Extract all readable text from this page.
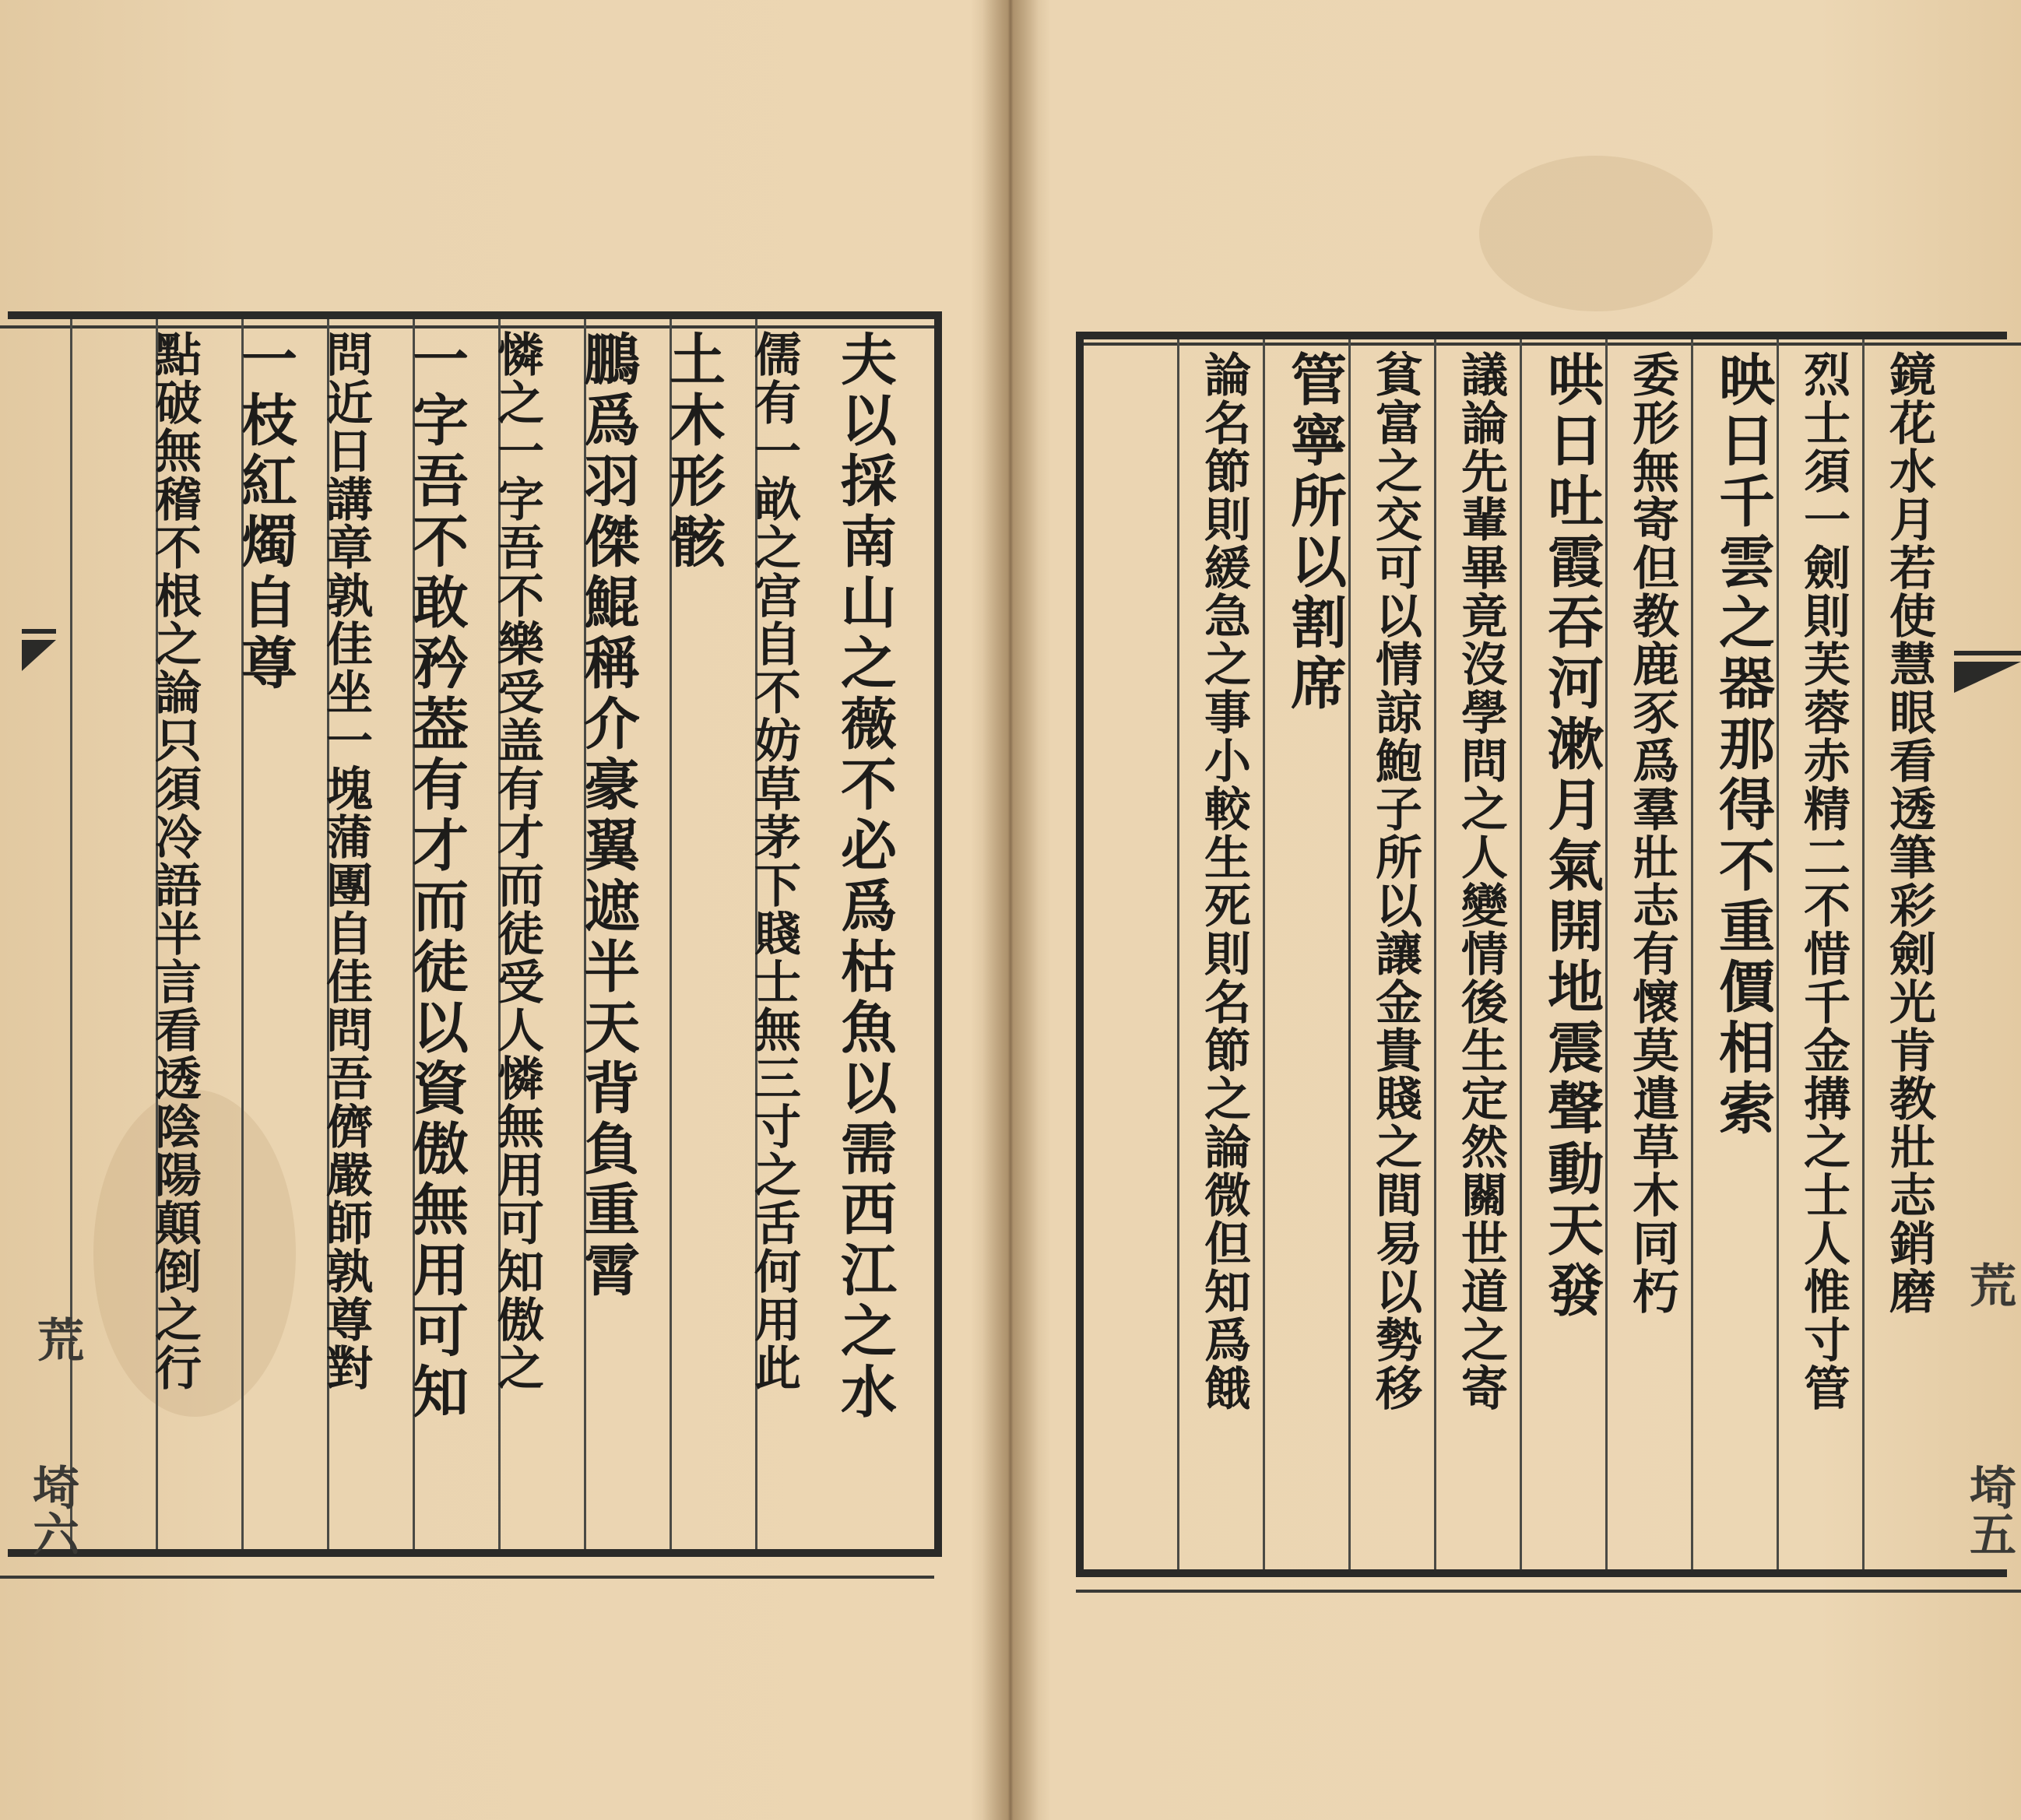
夫以採南山之薇不必爲枯魚以需西江之水
儒有一畝之宫自不妨草茅下賤士無三寸之舌何用此
土木形骸
鵬爲羽傑鯤稱介豪翼遮半天背負重霄
憐之一字吾不樂受盖有才而徒受人憐無用可知傲之
一字吾不敢矜葢有才而徒以資傲無用可知
問近日講章孰佳坐一塊蒲團自佳問吾儕嚴師孰尊對
一枝紅燭自尊
點破無稽不根之論只須冷語半言看透陰陽顛倒之行
荒
埼六
鏡花水月若使慧眼看透筆彩劍光肯教壯志銷磨
烈士須一劍則芙蓉赤精二不惜千金搆之士人惟寸管
映日千雲之器那得不重價相索
委形無寄但教鹿豕爲羣壯志有懷莫遣草木同朽
哄日吐霞吞河漱月氣開地震聲動天發
議論先輩畢竟沒學問之人變情後生定然關世道之寄
貧富之交可以情諒鮑子所以讓金貴賤之間易以勢移
管寧所以割席
論名節則緩急之事小較生死則名節之論微但知爲餓	荒
埼五
